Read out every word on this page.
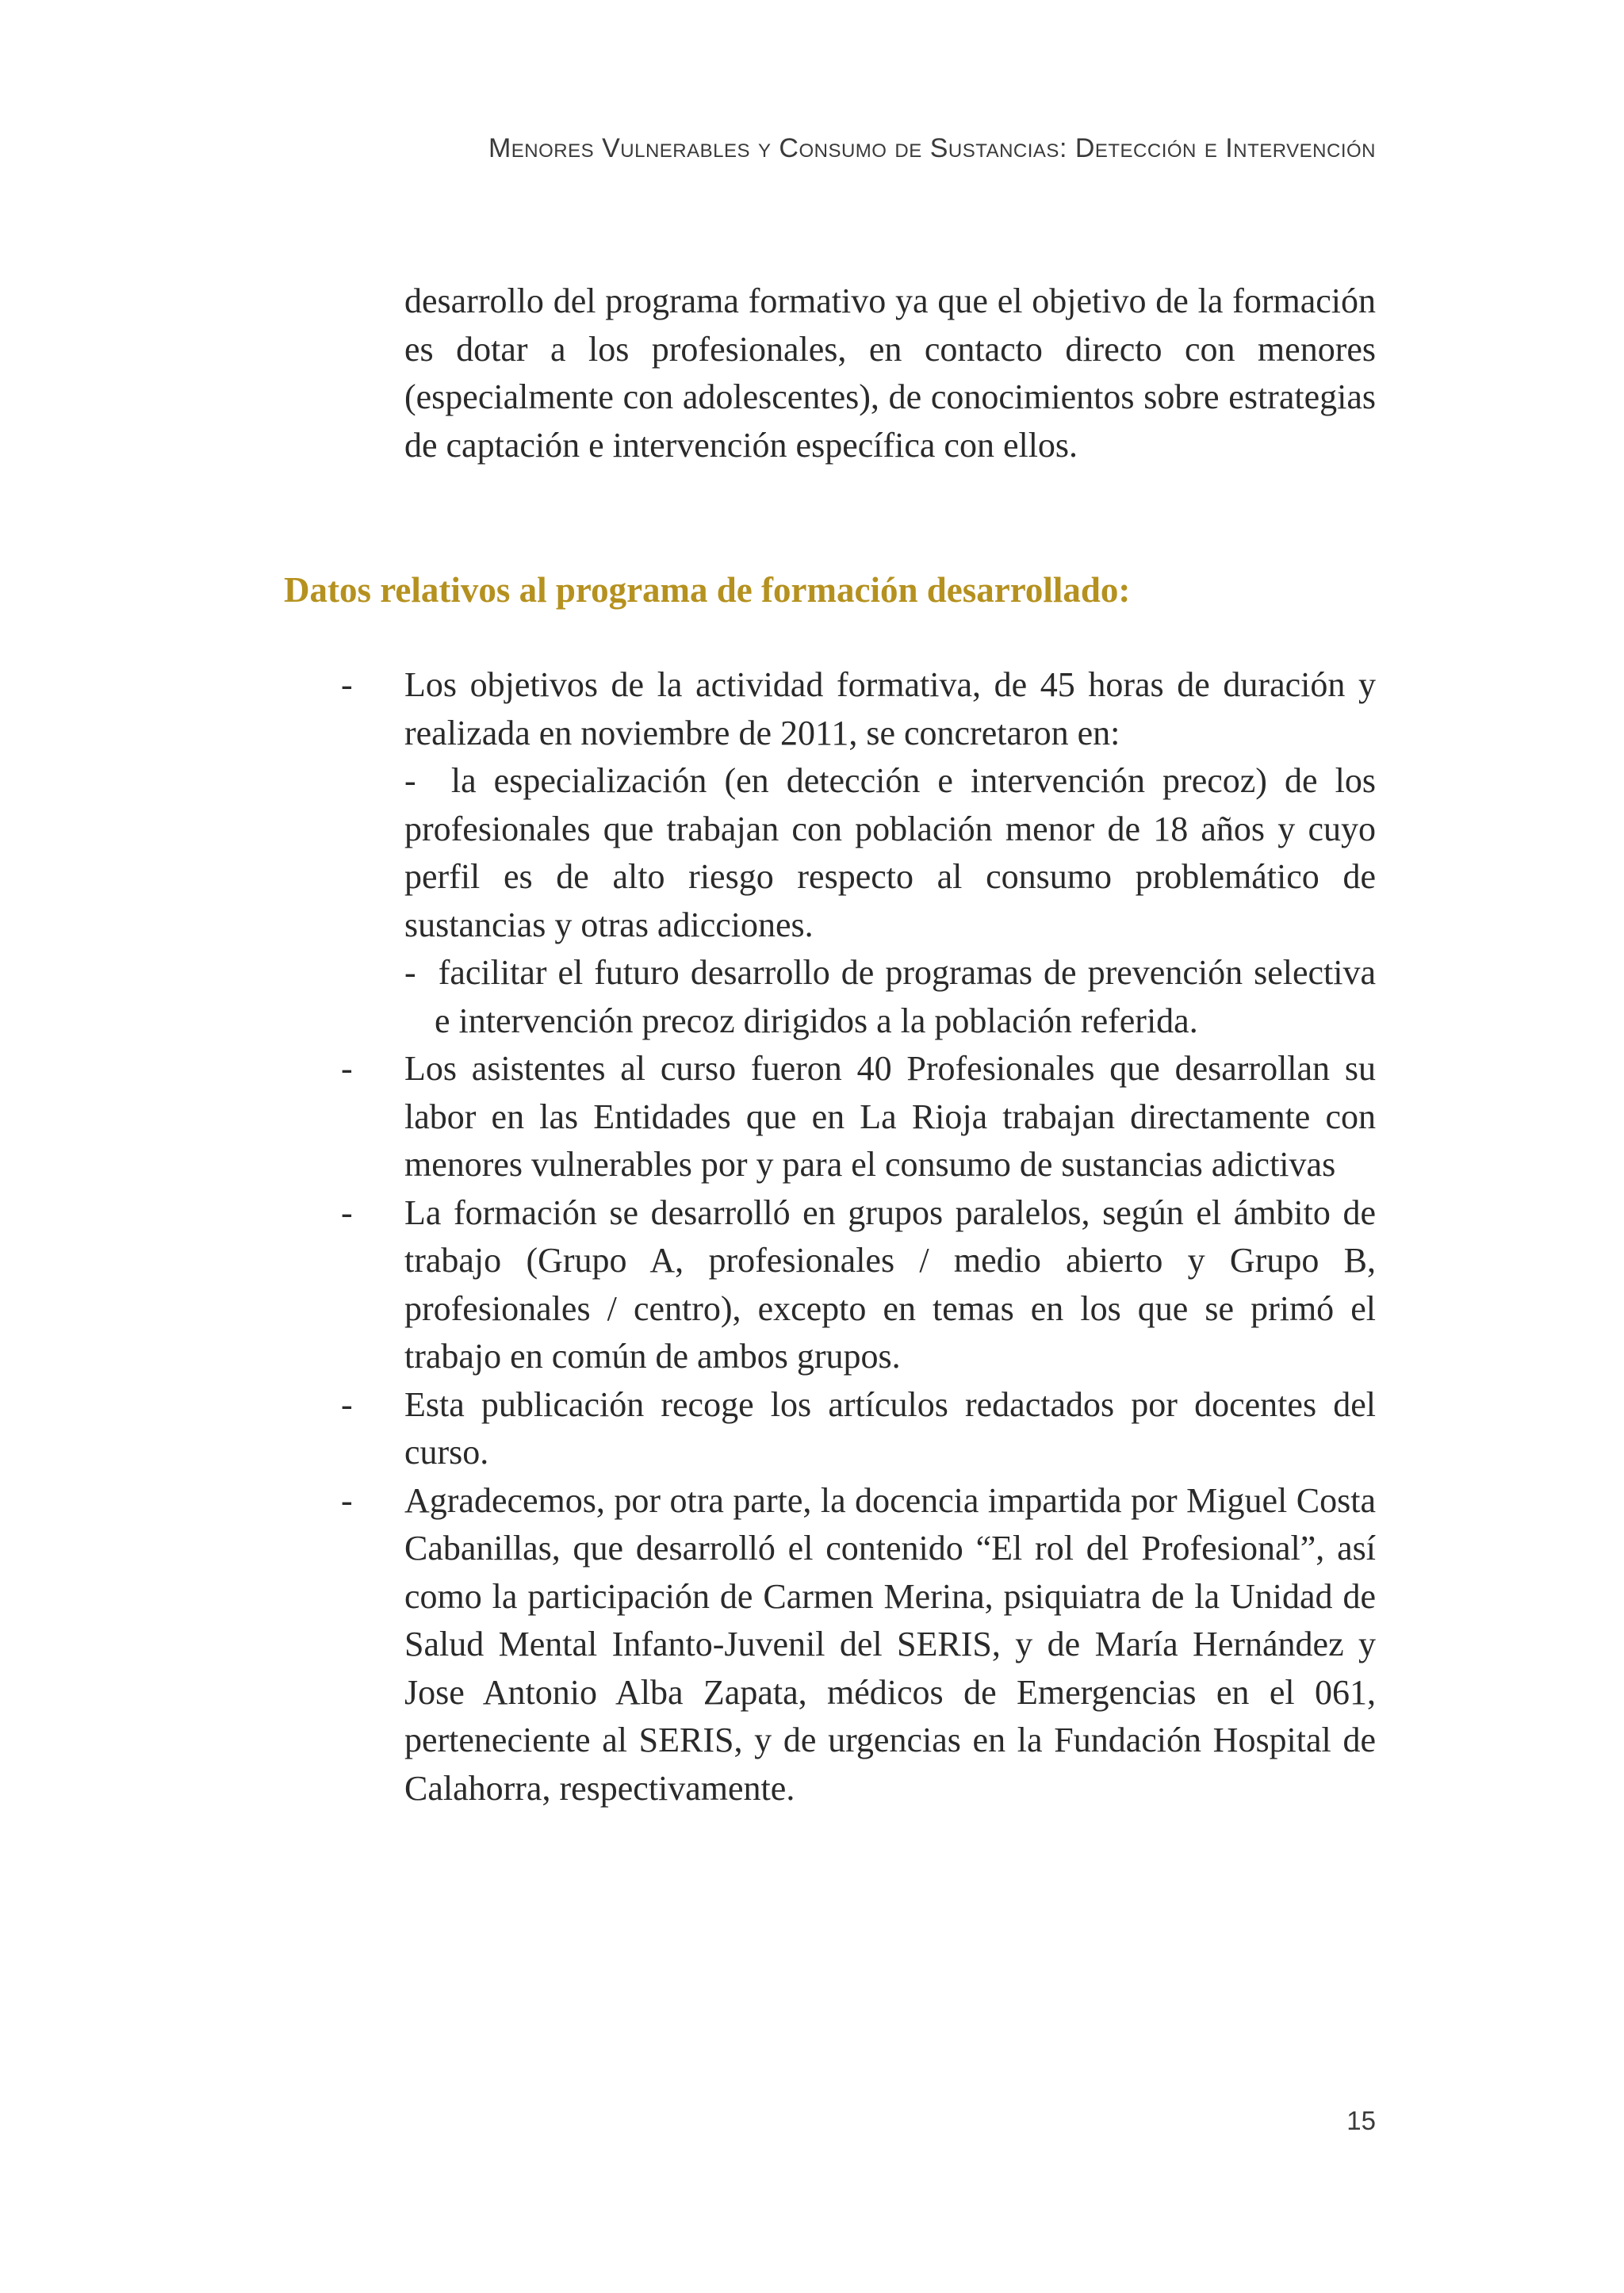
Menores Vulnerables y Consumo de Sustancias: Detección e Intervención

desarrollo del programa formativo ya que el objetivo de la formación es dotar a los profesionales, en contacto directo con menores (especialmente con adolescentes), de conocimientos sobre estrategias de captación e intervención específica con ellos.

Datos relativos al programa de formación desarrollado:
-	Los objetivos de la actividad formativa, de 45 horas de duración y realizada en noviembre de 2011, se concretaron en:
- la especialización (en detección e intervención precoz) de los profesionales que trabajan con población menor de 18 años y cuyo perfil es de alto riesgo respecto al consumo problemático de sustancias y otras adicciones.
- facilitar el futuro desarrollo de programas de prevención selectiva e intervención precoz dirigidos a la población referida.
-	Los asistentes al curso fueron 40 Profesionales que desarrollan su labor en las Entidades que en La Rioja trabajan directamente con menores vulnerables por y para el consumo de sustancias adictivas
-	La formación se desarrolló en grupos paralelos, según el ámbito de trabajo (Grupo A, profesionales / medio abierto y Grupo B, profesionales / centro), excepto en temas en los que se primó el trabajo en común de ambos grupos.
-	Esta publicación recoge los artículos redactados por docentes del curso.
-	Agradecemos, por otra parte, la docencia impartida por Miguel Costa Cabanillas, que desarrolló el contenido “El rol del Profesional”, así como la participación de Carmen Merina, psiquiatra de la Unidad de Salud Mental Infanto-Juvenil del SERIS, y de María Hernández y Jose Antonio Alba Zapata, médicos de Emergencias en el 061, perteneciente al SERIS, y de urgencias en la Fundación Hospital de Calahorra, respectivamente.
15
